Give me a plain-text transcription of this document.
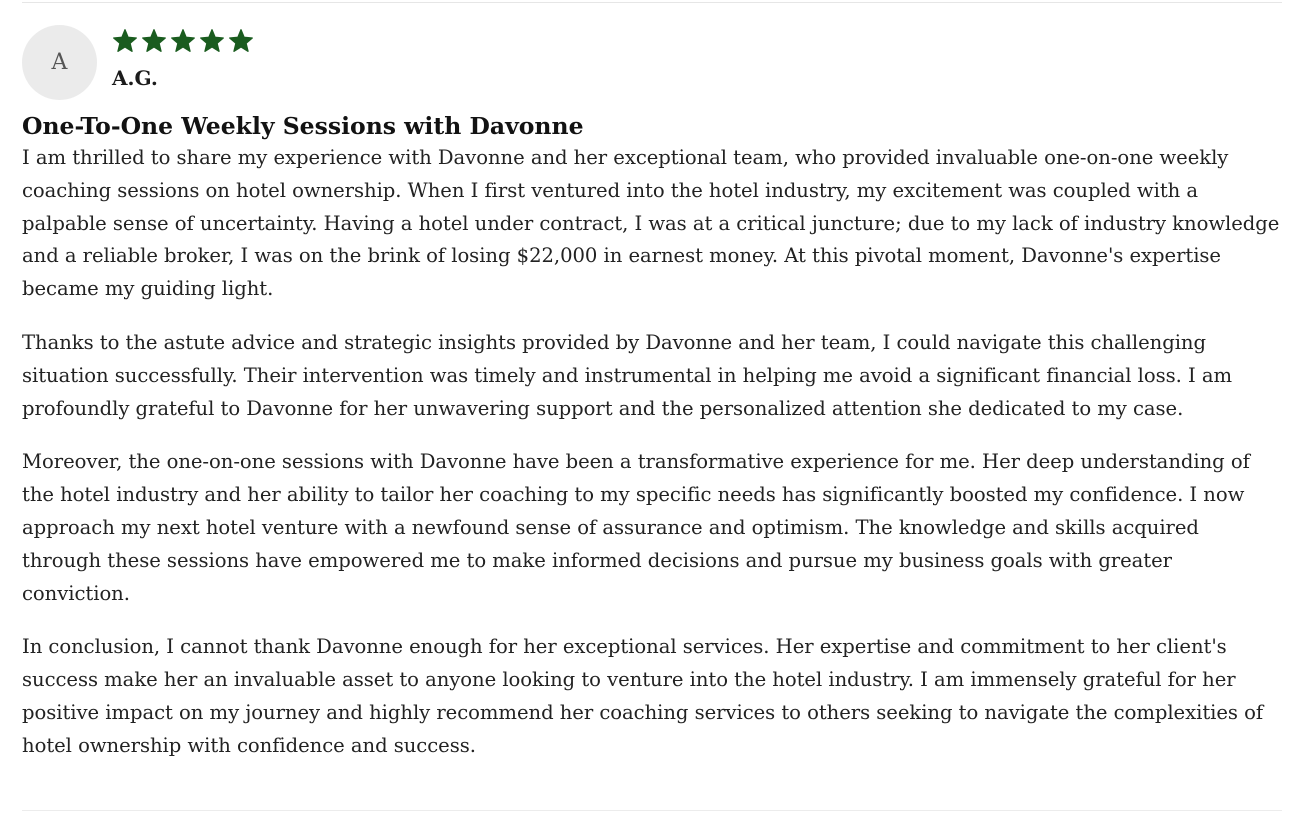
A
A.G.
One-To-One Weekly Sessions with Davonne

I am thrilled to share my experience with Davonne and her exceptional team, who provided invaluable one-on-one weekly coaching sessions on hotel ownership. When I first ventured into the hotel industry, my excitement was coupled with a palpable sense of uncertainty. Having a hotel under contract, I was at a critical juncture; due to my lack of industry knowledge and a reliable broker, I was on the brink of losing $22,000 in earnest money. At this pivotal moment, Davonne's expertise became my guiding light.

Thanks to the astute advice and strategic insights provided by Davonne and her team, I could navigate this challenging situation successfully. Their intervention was timely and instrumental in helping me avoid a significant financial loss. I am profoundly grateful to Davonne for her unwavering support and the personalized attention she dedicated to my case.

Moreover, the one-on-one sessions with Davonne have been a transformative experience for me. Her deep understanding of the hotel industry and her ability to tailor her coaching to my specific needs has significantly boosted my confidence. I now approach my next hotel venture with a newfound sense of assurance and optimism. The knowledge and skills acquired through these sessions have empowered me to make informed decisions and pursue my business goals with greater conviction.

In conclusion, I cannot thank Davonne enough for her exceptional services. Her expertise and commitment to her client's success make her an invaluable asset to anyone looking to venture into the hotel industry. I am immensely grateful for her positive impact on my journey and highly recommend her coaching services to others seeking to navigate the complexities of hotel ownership with confidence and success.
